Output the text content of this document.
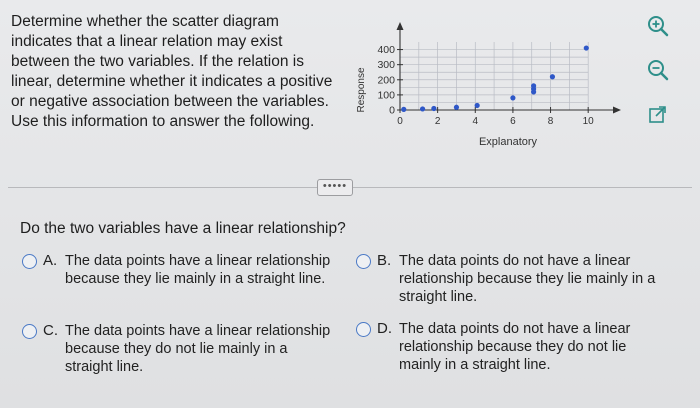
Determine whether the scatter diagram indicates that a linear relation may exist between the two variables. If the relation is linear, determine whether it indicates a positive or negative association between the variables. Use this information to answer the following.
Response
Explanatory
0	2	4	6	8	10
0
100
200
300
400
•••••
Do the two variables have a linear relationship?
A. The data points have a linear relationship because they lie mainly in a straight line.
B. The data points do not have a linear relationship because they lie mainly in a straight line.
C. The data points have a linear relationship because they do not lie mainly in a straight line.
D. The data points do not have a linear relationship because they do not lie mainly in a straight line.
